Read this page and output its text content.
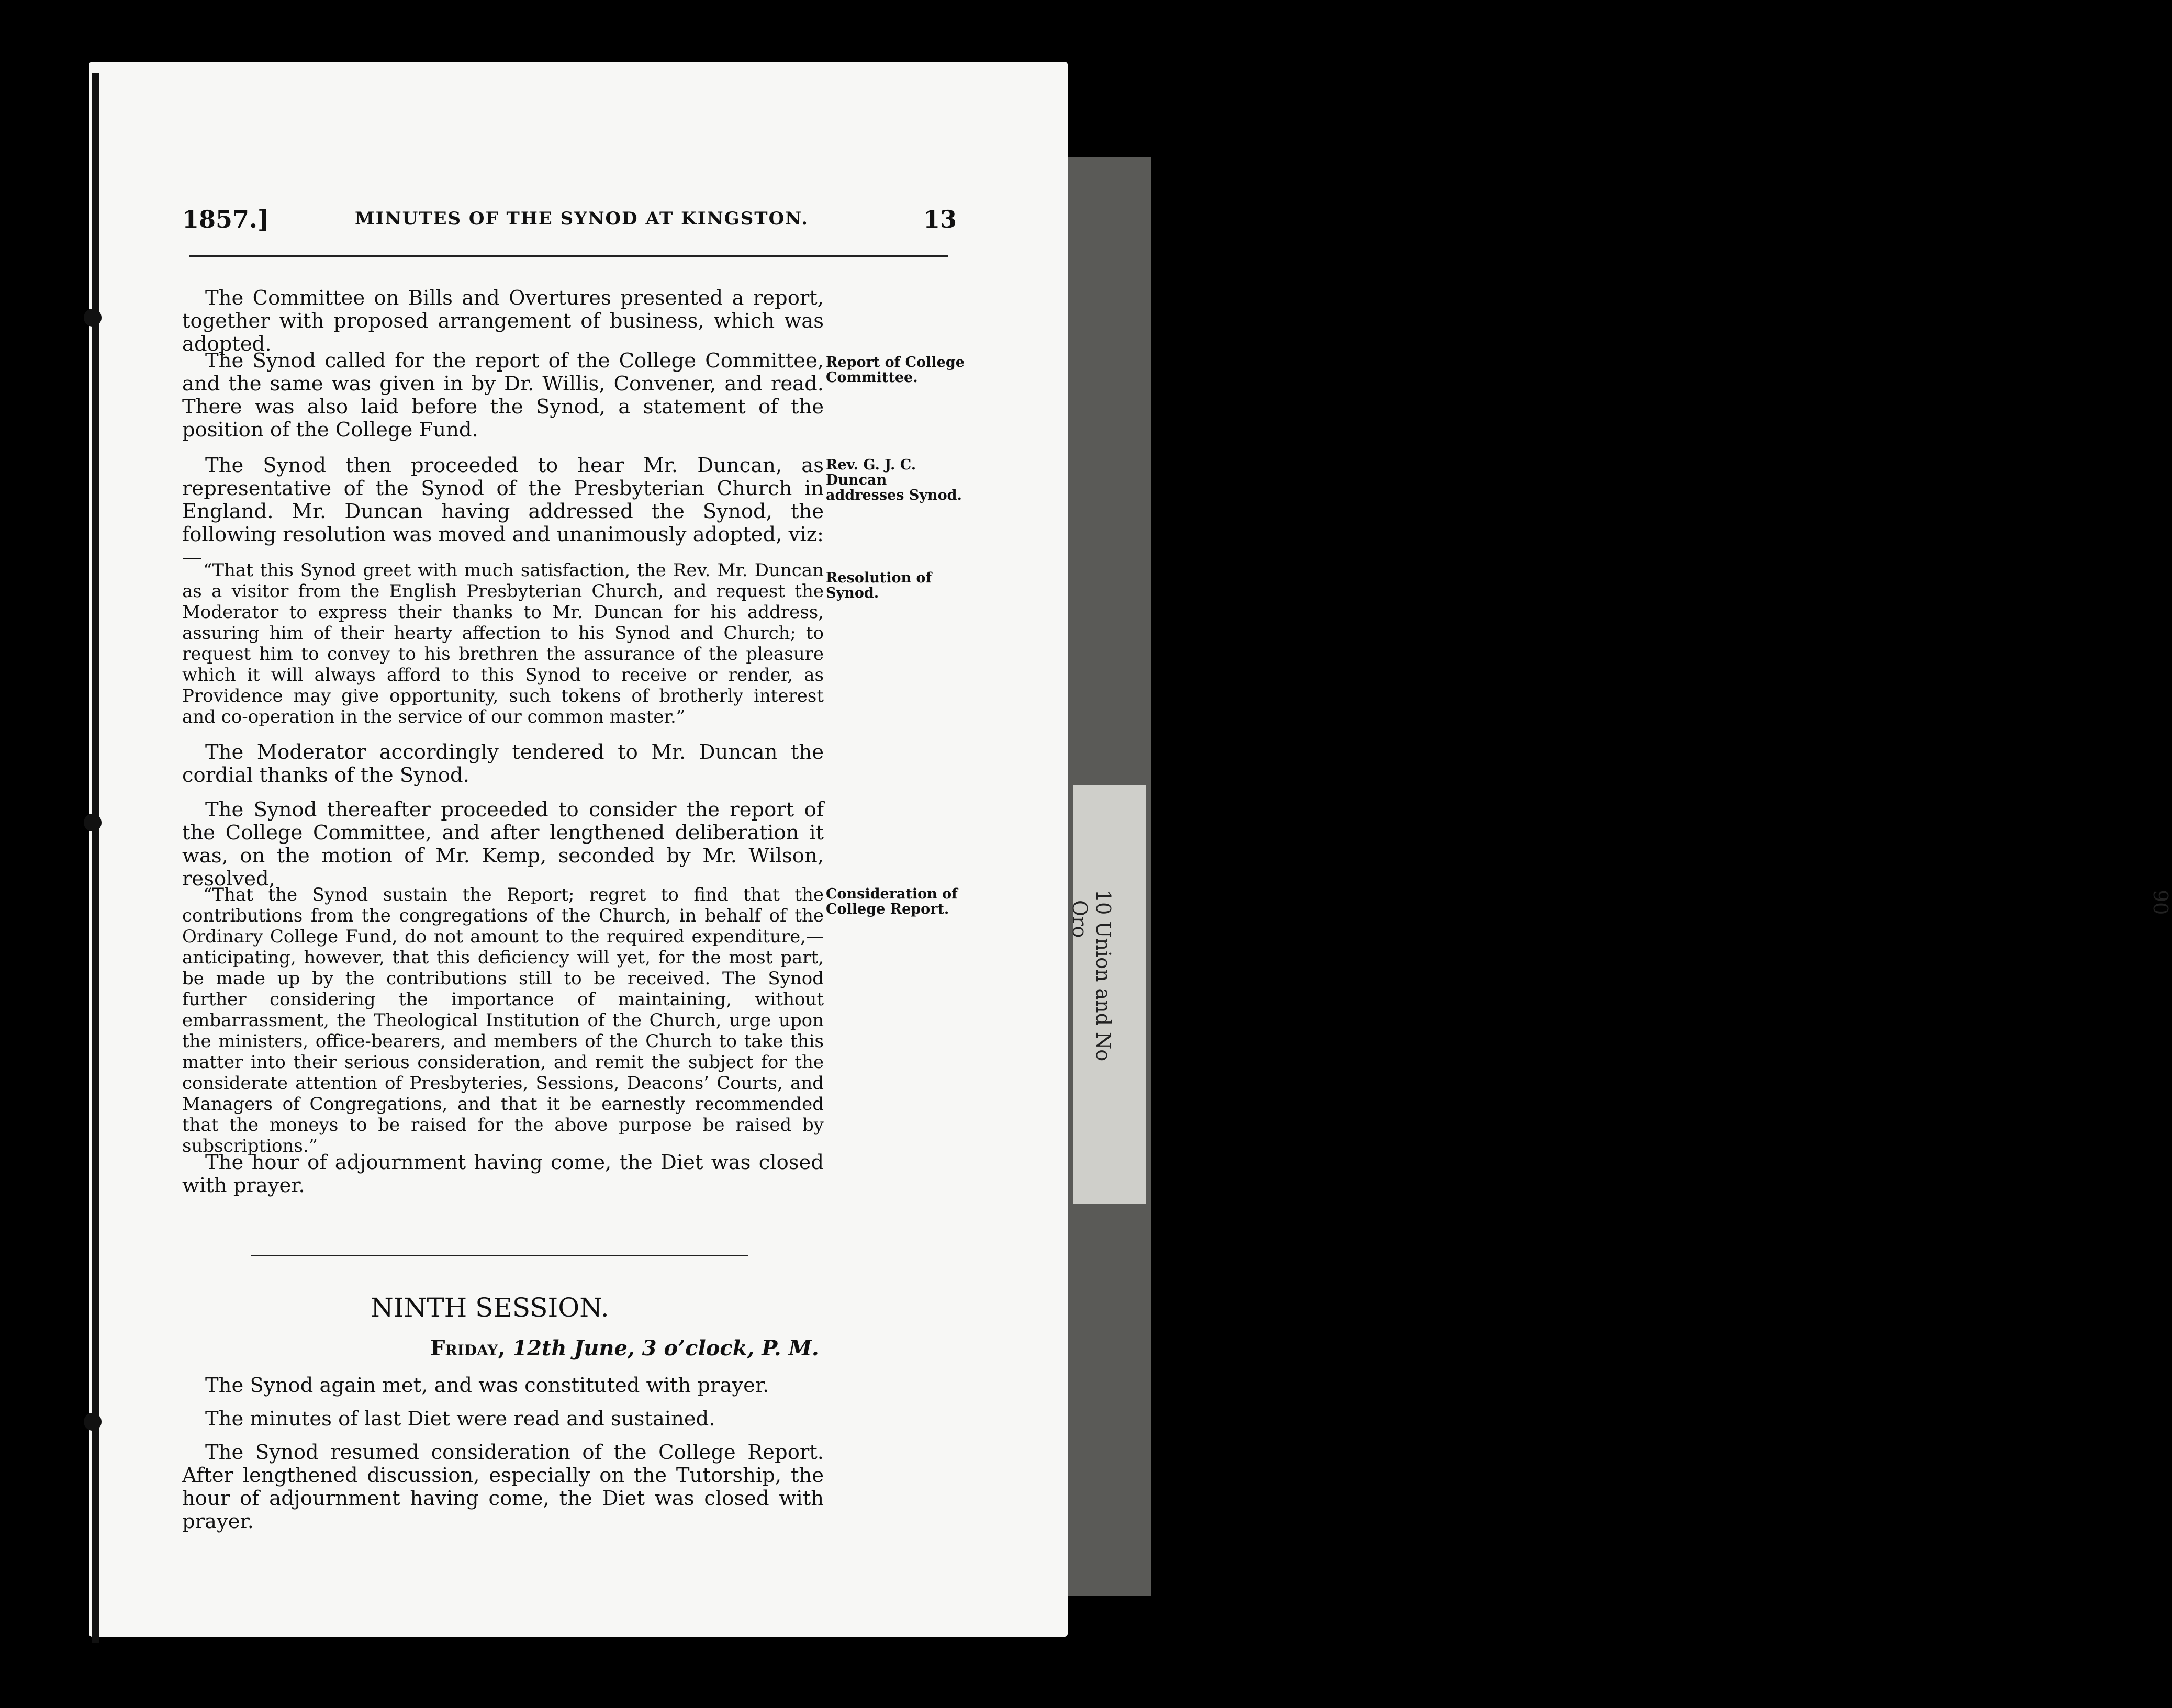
90
10 Union and No
Oro
1857.]	MINUTES OF THE SYNOD AT KINGSTON.	13

The Committee on Bills and Overtures presented a report, together with proposed arrangement of business, which was adopted.

The Synod called for the report of the College Committee, and the same was given in by Dr. Willis, Convener, and read. There was also laid before the Synod, a statement of the position of the College Fund.

The Synod then proceeded to hear Mr. Duncan, as representative of the Synod of the Presbyterian Church in England. Mr. Duncan having addressed the Synod, the following resolution was moved and unanimously adopted, viz:—

“That this Synod greet with much satisfaction, the Rev. Mr. Duncan as a visitor from the English Presbyterian Church, and request the Moderator to express their thanks to Mr. Duncan for his address, assuring him of their hearty affection to his Synod and Church; to request him to convey to his brethren the assurance of the pleasure which it will always afford to this Synod to receive or render, as Providence may give opportunity, such tokens of brotherly interest and co-operation in the service of our common master.”

The Moderator accordingly tendered to Mr. Duncan the cordial thanks of the Synod.

The Synod thereafter proceeded to consider the report of the College Committee, and after lengthened deliberation it was, on the motion of Mr. Kemp, seconded by Mr. Wilson, resolved,

“That the Synod sustain the Report; regret to find that the contributions from the congregations of the Church, in behalf of the Ordinary College Fund, do not amount to the required expenditure,— anticipating, however, that this deficiency will yet, for the most part, be made up by the contributions still to be received. The Synod further considering the importance of maintaining, without embarrassment, the Theological Institution of the Church, urge upon the ministers, office-bearers, and members of the Church to take this matter into their serious consideration, and remit the subject for the considerate attention of Presbyteries, Sessions, Deacons’ Courts, and Managers of Congregations, and that it be earnestly recommended that the moneys to be raised for the above purpose be raised by subscriptions.”

The hour of adjournment having come, the Diet was closed with prayer.

Report of College Committee.
Rev. G. J. C. Duncan addresses Synod.
Resolution of Synod.
Consideration of College Report.
NINTH SESSION.
Friday, 12th June, 3 o’clock, P. M.

The Synod again met, and was constituted with prayer.

The minutes of last Diet were read and sustained.

The Synod resumed consideration of the College Report. After lengthened discussion, especially on the Tutorship, the hour of adjournment having come, the Diet was closed with prayer.
